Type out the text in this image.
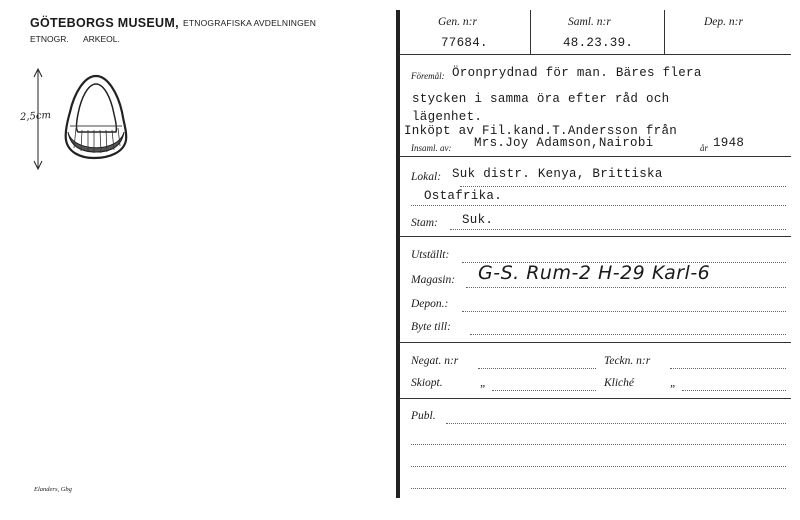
GÖTEBORGS MUSEUM, ETNOGRAFISKA AVDELNINGEN
ETNOGR. ARKEOL.
2,5cm
Elanders, Gbg
Gen. n:r
77684.
Saml. n:r
48.23.39.
Dep. n:r
Föremål: Öronprydnad för man. Bäres flera
stycken i samma öra efter råd och
lägenhet.
Inköpt av Fil.kand.T.Andersson från
Insaml. av: Mrs.Joy Adamson,Nairobi	år 1948
Lokal: Suk distr. Kenya, Brittiska
Ostafrika.
Stam: Suk.
Utställt:
Magasin: G-S. Rum-2 H-29 Karl-6
Depon.:
Byte till:
Negat. n:r	Teckn. n:r
Skiopt.	„	Kliché	„
Publ.
